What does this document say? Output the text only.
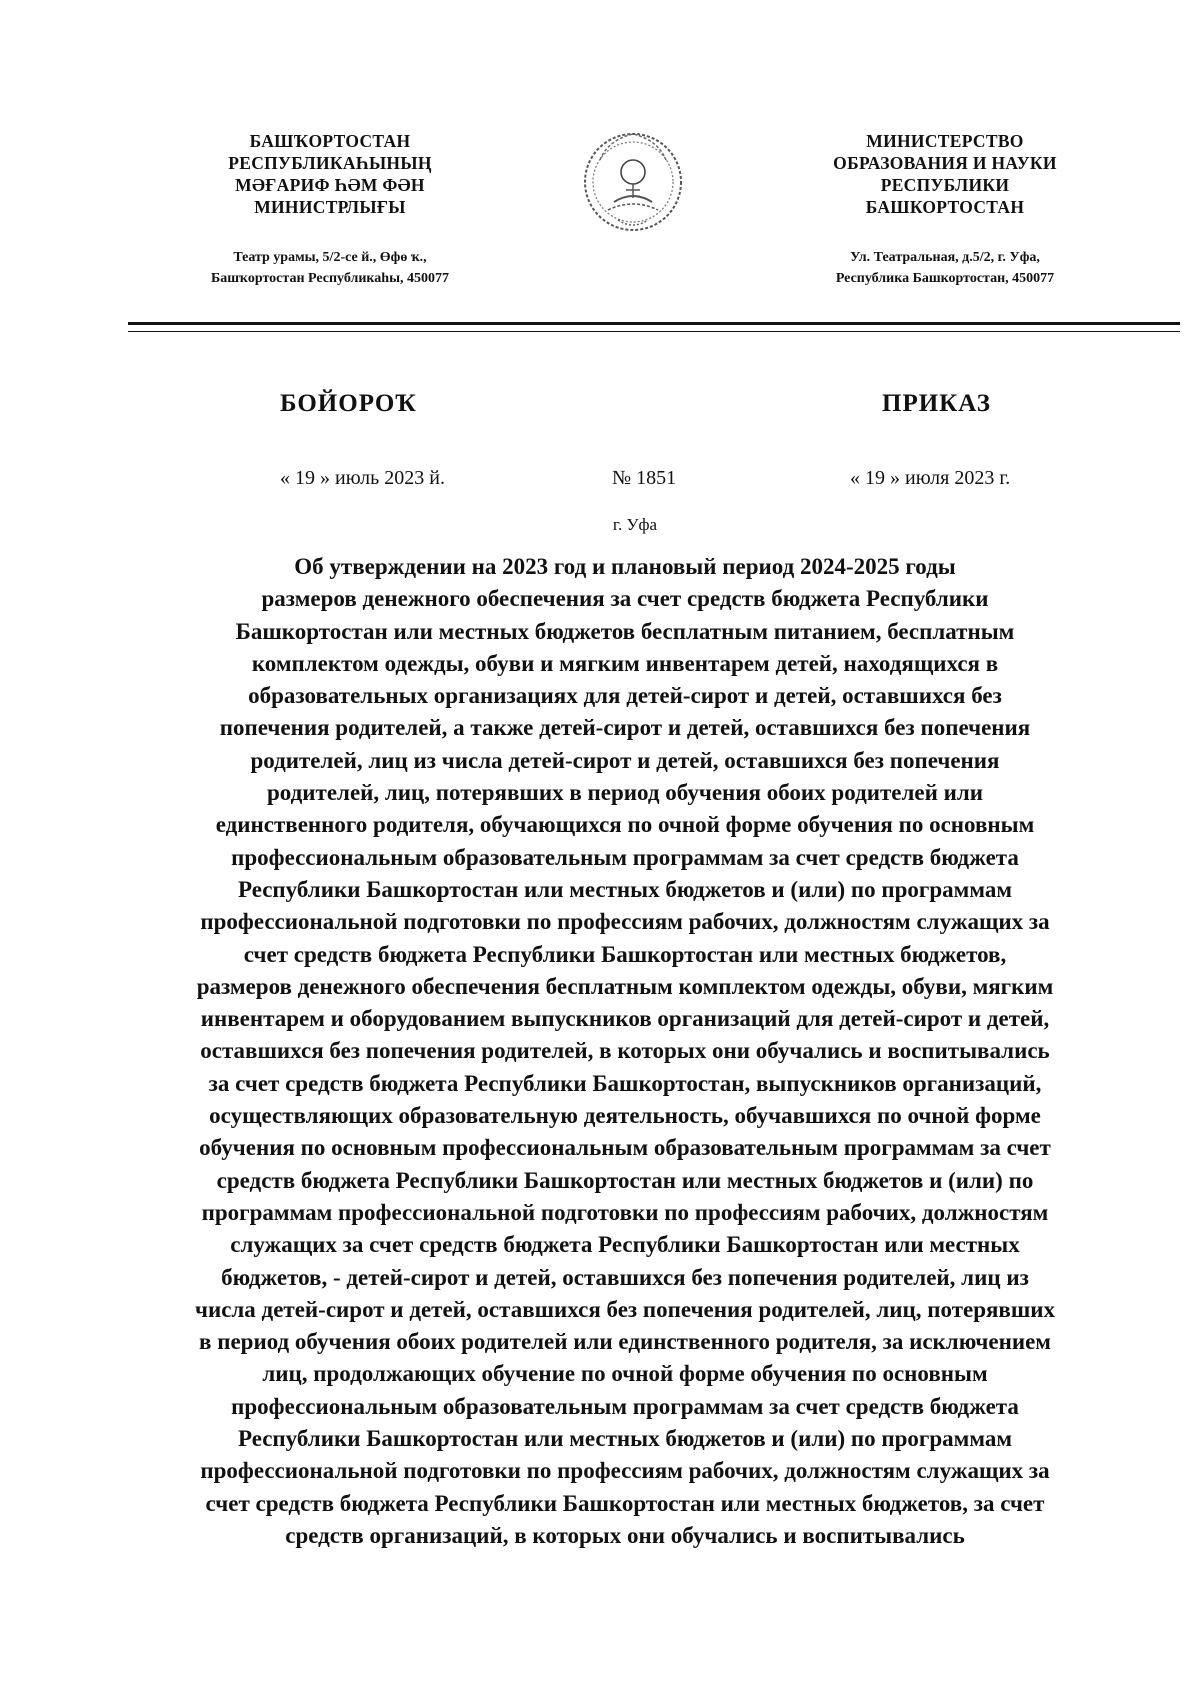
БАШҠОРТОСТАН
РЕСПУБЛИКАҺЫНЫҢ
МӘҒАРИФ ҺӘМ ФӘН
МИНИСТРЛЫҒЫ
Театр урамы, 5/2-се й., Өфө ҡ.,
Башҡортостан Республикаһы, 450077
МИНИСТЕРСТВО
ОБРАЗОВАНИЯ И НАУКИ
РЕСПУБЛИКИ
БАШКОРТОСТАН
Ул. Театральная, д.5/2, г. Уфа,
Республика Башкортостан, 450077
БОЙОРОҠ	ПРИКАЗ
« 19 » июль 2023 й.	№ 1851	« 19 » июля 2023 г.
г. Уфа
Об утверждении на 2023 год и плановый период 2024-2025 годы
размеров денежного обеспечения за счет средств бюджета Республики
Башкортостан или местных бюджетов бесплатным питанием, бесплатным
комплектом одежды, обуви и мягким инвентарем детей, находящихся в
образовательных организациях для детей-сирот и детей, оставшихся без
попечения родителей, а также детей-сирот и детей, оставшихся без попечения
родителей, лиц из числа детей-сирот и детей, оставшихся без попечения
родителей, лиц, потерявших в период обучения обоих родителей или
единственного родителя, обучающихся по очной форме обучения по основным
профессиональным образовательным программам за счет средств бюджета
Республики Башкортостан или местных бюджетов и (или) по программам
профессиональной подготовки по профессиям рабочих, должностям служащих за
счет средств бюджета Республики Башкортостан или местных бюджетов,
размеров денежного обеспечения бесплатным комплектом одежды, обуви, мягким
инвентарем и оборудованием выпускников организаций для детей-сирот и детей,
оставшихся без попечения родителей, в которых они обучались и воспитывались
за счет средств бюджета Республики Башкортостан, выпускников организаций,
осуществляющих образовательную деятельность, обучавшихся по очной форме
обучения по основным профессиональным образовательным программам за счет
средств бюджета Республики Башкортостан или местных бюджетов и (или) по
программам профессиональной подготовки по профессиям рабочих, должностям
служащих за счет средств бюджета Республики Башкортостан или местных
бюджетов, - детей-сирот и детей, оставшихся без попечения родителей, лиц из
числа детей-сирот и детей, оставшихся без попечения родителей, лиц, потерявших
в период обучения обоих родителей или единственного родителя, за исключением
лиц, продолжающих обучение по очной форме обучения по основным
профессиональным образовательным программам за счет средств бюджета
Республики Башкортостан или местных бюджетов и (или) по программам
профессиональной подготовки по профессиям рабочих, должностям служащих за
счет средств бюджета Республики Башкортостан или местных бюджетов, за счет
средств организаций, в которых они обучались и воспитывались
